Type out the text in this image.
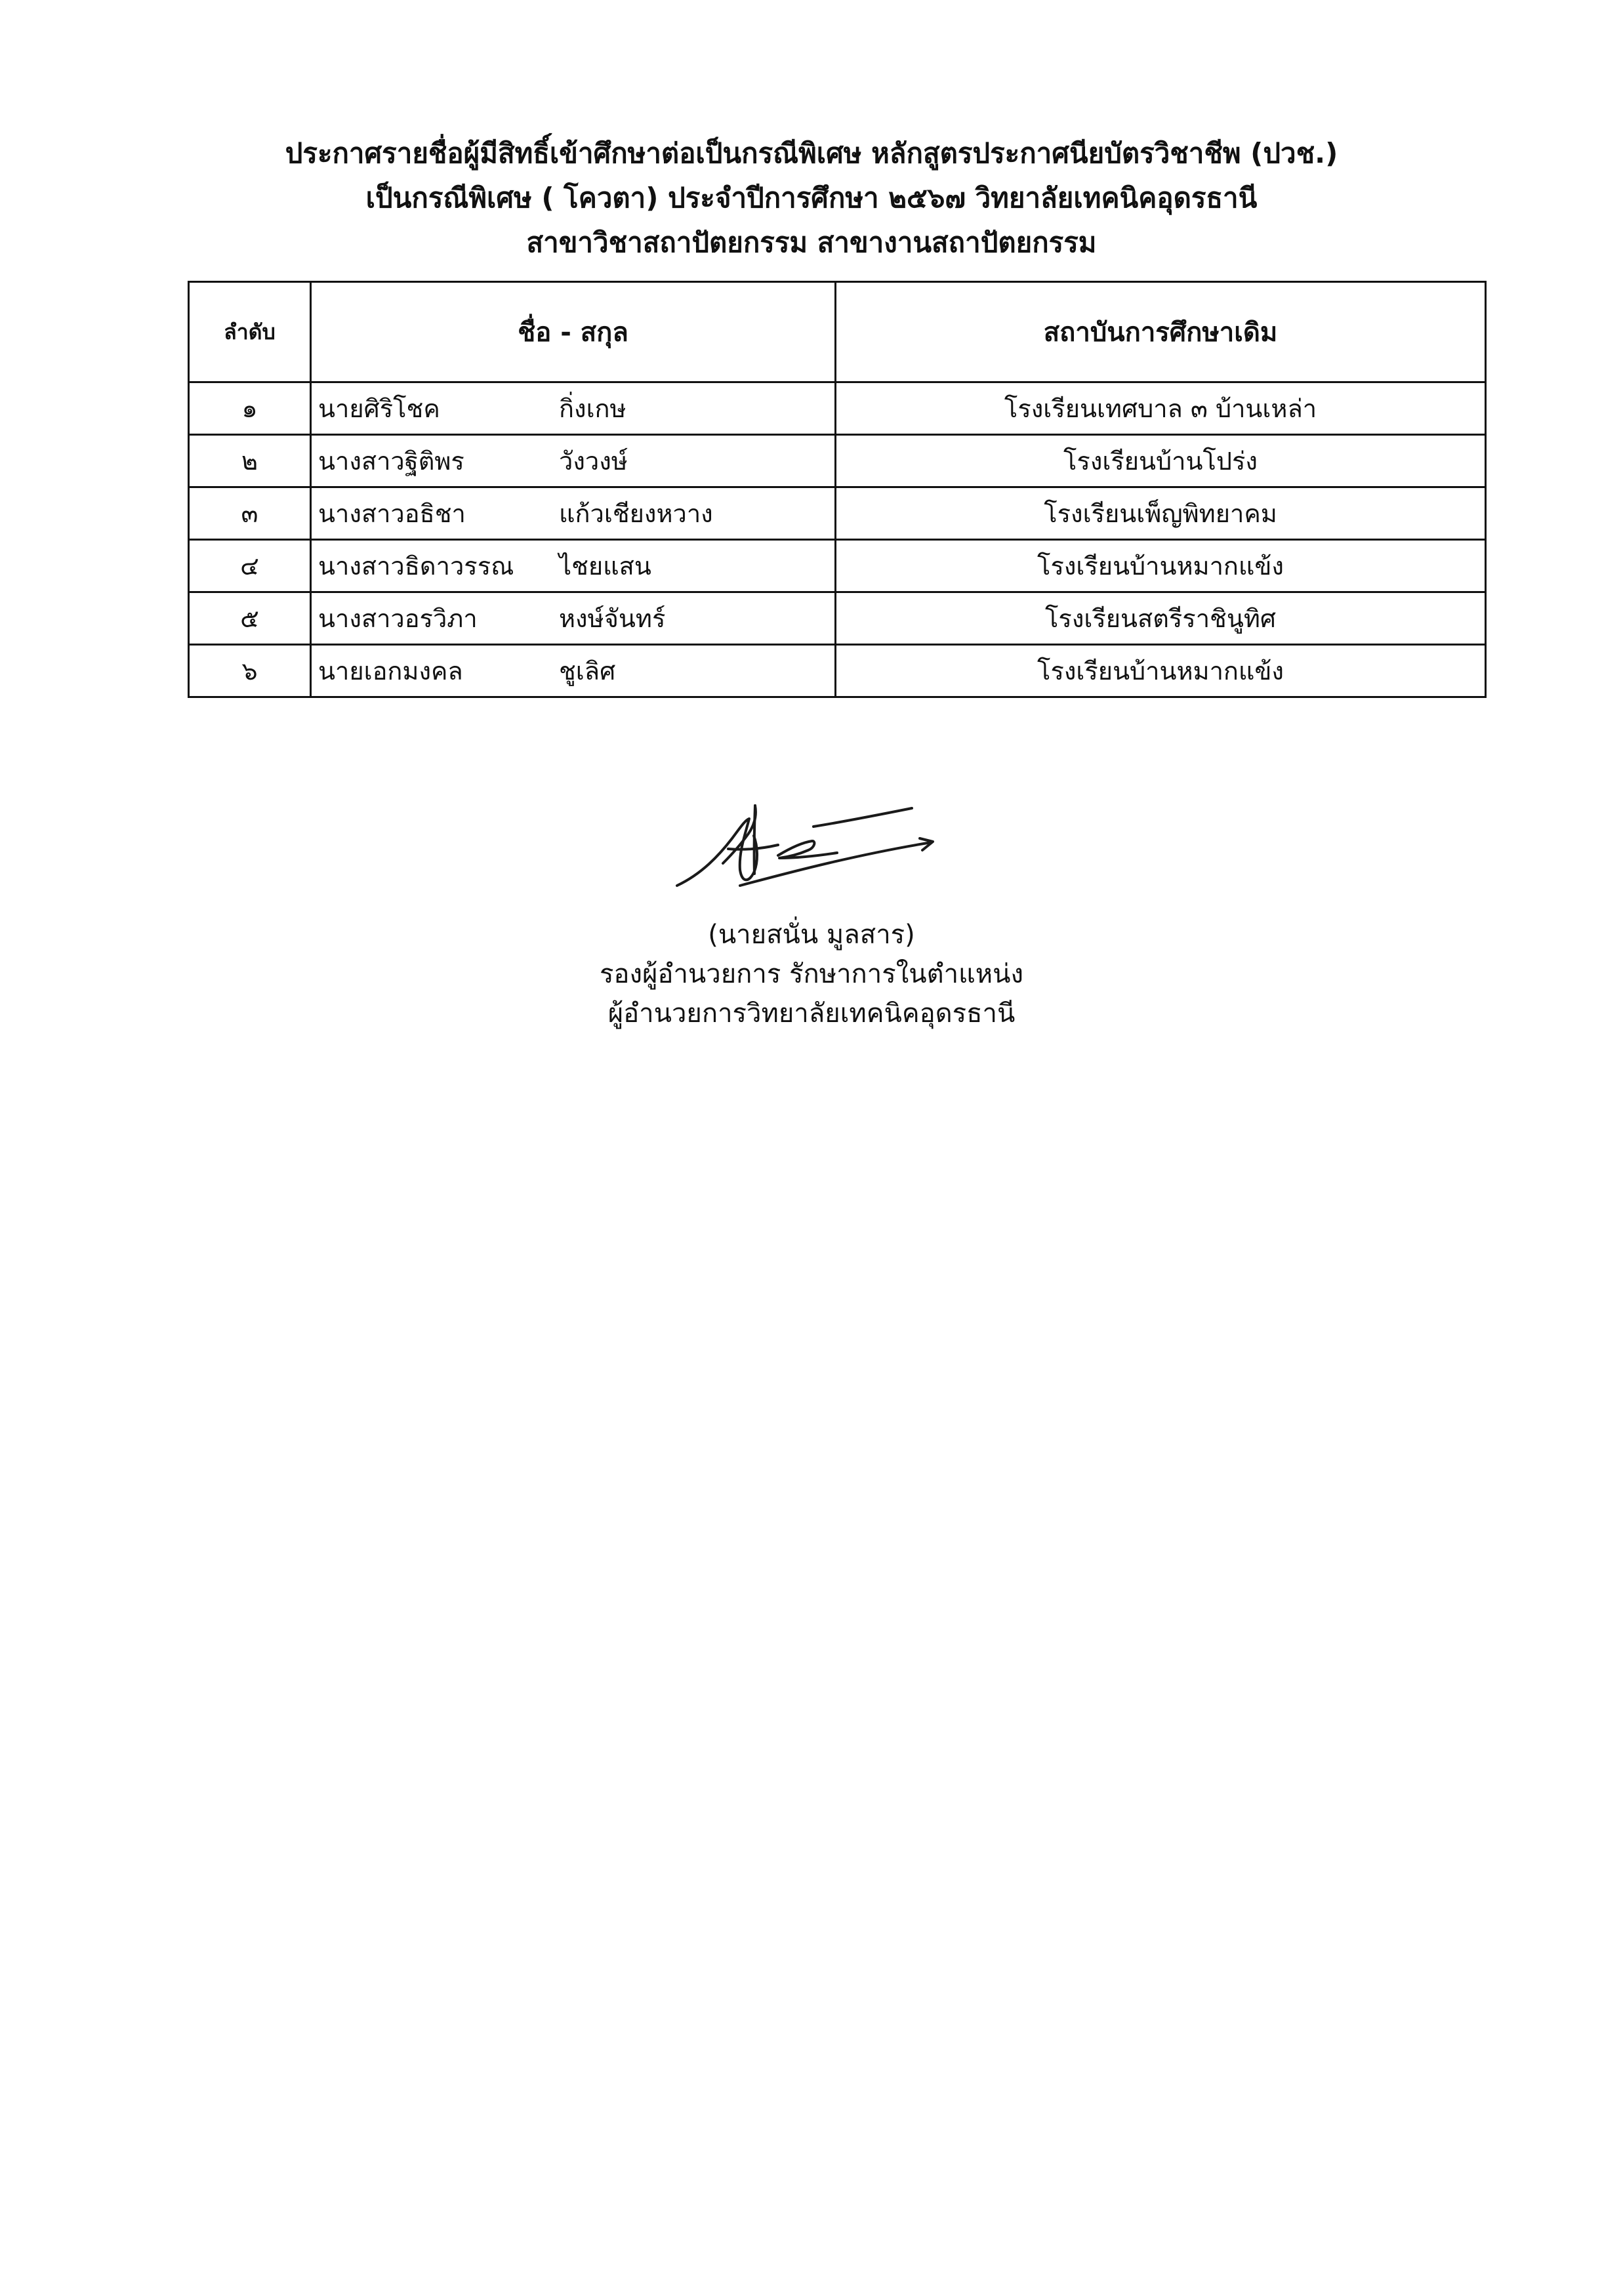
ประกาศรายชื่อผู้มีสิทธิ์เข้าศึกษาต่อเป็นกรณีพิเศษ หลักสูตรประกาศนียบัตรวิชาชีพ (ปวช.)
เป็นกรณีพิเศษ ( โควตา) ประจำปีการศึกษา ๒๕๖๗ วิทยาลัยเทคนิคอุดรธานี
สาขาวิชาสถาปัตยกรรม สาขางานสถาปัตยกรรม
ลำดับ	ชื่อ - สกุล	สถาบันการศึกษาเดิม
๑	นายศิริโชค กิ่งเกษ	โรงเรียนเทศบาล ๓ บ้านเหล่า
๒	นางสาวฐิติพร วังวงษ์	โรงเรียนบ้านโปร่ง
๓	นางสาวอธิชา แก้วเชียงหวาง	โรงเรียนเพ็ญพิทยาคม
๔	นางสาวธิดาวรรณ ไชยแสน	โรงเรียนบ้านหมากแข้ง
๕	นางสาวอรวิภา หงษ์จันทร์	โรงเรียนสตรีราชินูทิศ
๖	นายเอกมงคล ชูเลิศ	โรงเรียนบ้านหมากแข้ง
(นายสนั่น มูลสาร)
รองผู้อำนวยการ รักษาการในตำแหน่ง
ผู้อำนวยการวิทยาลัยเทคนิคอุดรธานี
